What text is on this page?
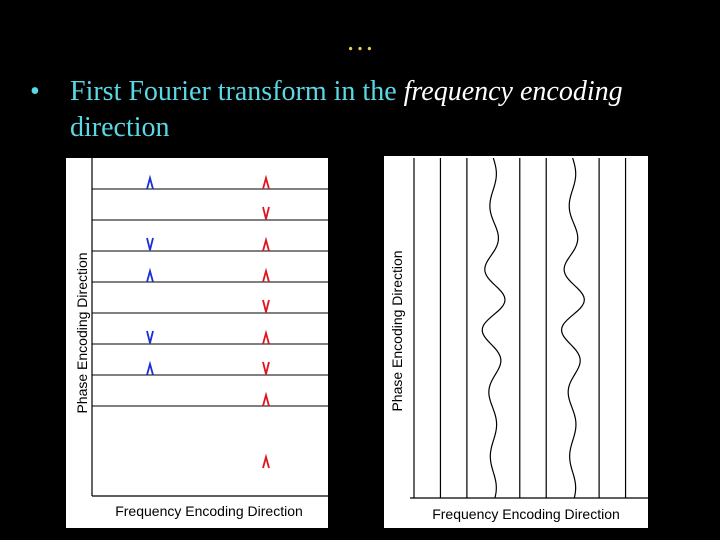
…
• First Fourier transform in the frequency encoding direction
Phase Encoding Direction
Frequency Encoding Direction
Phase Encoding Direction
Frequency Encoding Direction
